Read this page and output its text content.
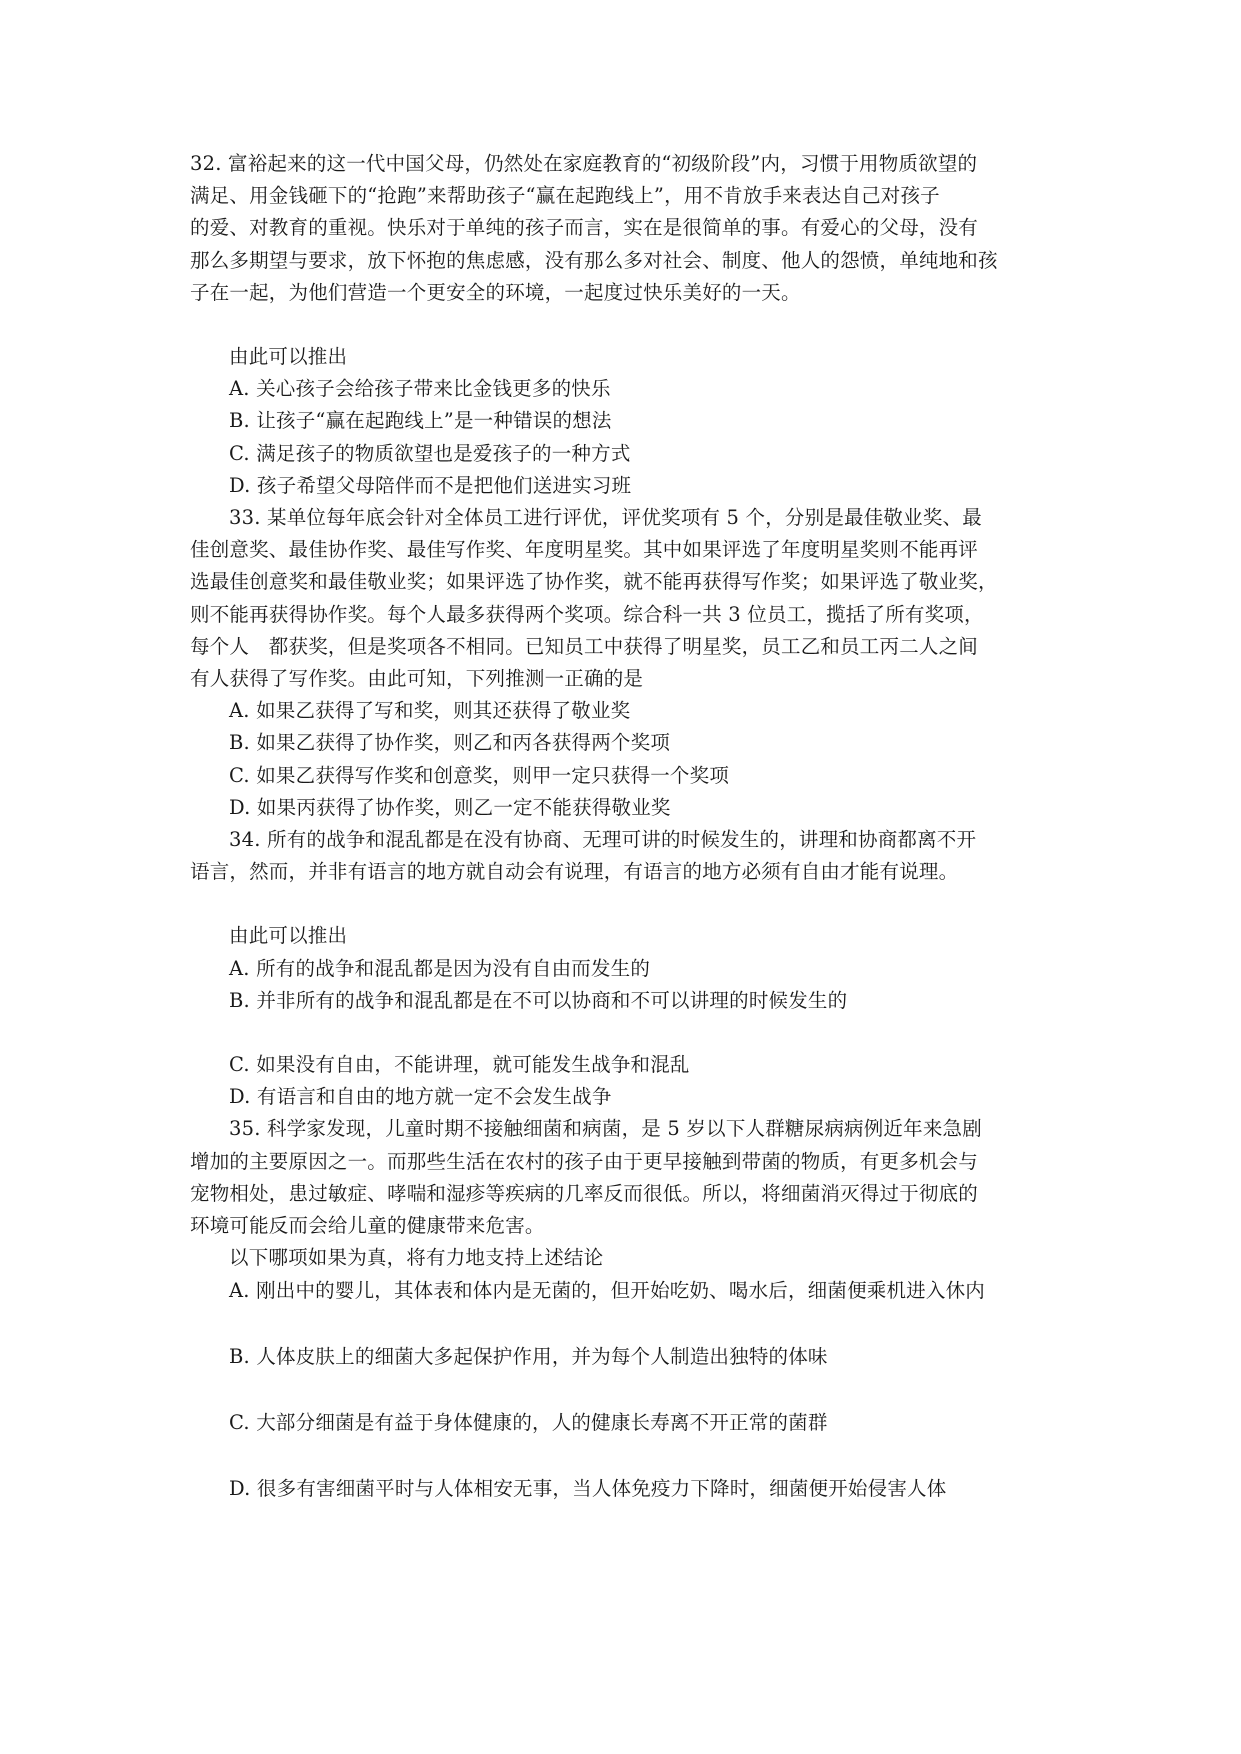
32. 富裕起来的这一代中国父母，仍然处在家庭教育的“初级阶段”内，习惯于用物质欲望的

满足、用金钱砸下的“抢跑”来帮助孩子“赢在起跑线上”，用不肯放手来表达自己对孩子

的爱、对教育的重视。快乐对于单纯的孩子而言，实在是很简单的事。有爱心的父母，没有

那么多期望与要求，放下怀抱的焦虑感，没有那么多对社会、制度、他人的怨愤，单纯地和孩

子在一起，为他们营造一个更安全的环境，一起度过快乐美好的一天。

由此可以推出

A. 关心孩子会给孩子带来比金钱更多的快乐

B. 让孩子“赢在起跑线上”是一种错误的想法

C. 满足孩子的物质欲望也是爱孩子的一种方式

D. 孩子希望父母陪伴而不是把他们送进实习班

33. 某单位每年底会针对全体员工进行评优，评优奖项有 5 个，分别是最佳敬业奖、最

佳创意奖、最佳协作奖、最佳写作奖、年度明星奖。其中如果评选了年度明星奖则不能再评

选最佳创意奖和最佳敬业奖；如果评选了协作奖，就不能再获得写作奖；如果评选了敬业奖，

则不能再获得协作奖。每个人最多获得两个奖项。综合科一共 3 位员工，揽括了所有奖项，

每个人　都获奖，但是奖项各不相同。已知员工中获得了明星奖，员工乙和员工丙二人之间

有人获得了写作奖。由此可知，下列推测一正确的是

A. 如果乙获得了写和奖，则其还获得了敬业奖

B. 如果乙获得了协作奖，则乙和丙各获得两个奖项

C. 如果乙获得写作奖和创意奖，则甲一定只获得一个奖项

D. 如果丙获得了协作奖，则乙一定不能获得敬业奖

34. 所有的战争和混乱都是在没有协商、无理可讲的时候发生的，讲理和协商都离不开

语言，然而，并非有语言的地方就自动会有说理，有语言的地方必须有自由才能有说理。

由此可以推出

A. 所有的战争和混乱都是因为没有自由而发生的

B. 并非所有的战争和混乱都是在不可以协商和不可以讲理的时候发生的

C. 如果没有自由，不能讲理，就可能发生战争和混乱

D. 有语言和自由的地方就一定不会发生战争

35. 科学家发现，儿童时期不接触细菌和病菌，是 5 岁以下人群糖尿病病例近年来急剧

增加的主要原因之一。而那些生活在农村的孩子由于更早接触到带菌的物质，有更多机会与

宠物相处，患过敏症、哮喘和湿疹等疾病的几率反而很低。所以，将细菌消灭得过于彻底的

环境可能反而会给儿童的健康带来危害。

以下哪项如果为真，将有力地支持上述结论

A. 刚出中的婴儿，其体表和体内是无菌的，但开始吃奶、喝水后，细菌便乘机进入休内

B. 人体皮肤上的细菌大多起保护作用，并为每个人制造出独特的体味

C. 大部分细菌是有益于身体健康的，人的健康长寿离不开正常的菌群

D. 很多有害细菌平时与人体相安无事，当人体免疫力下降时，细菌便开始侵害人体
